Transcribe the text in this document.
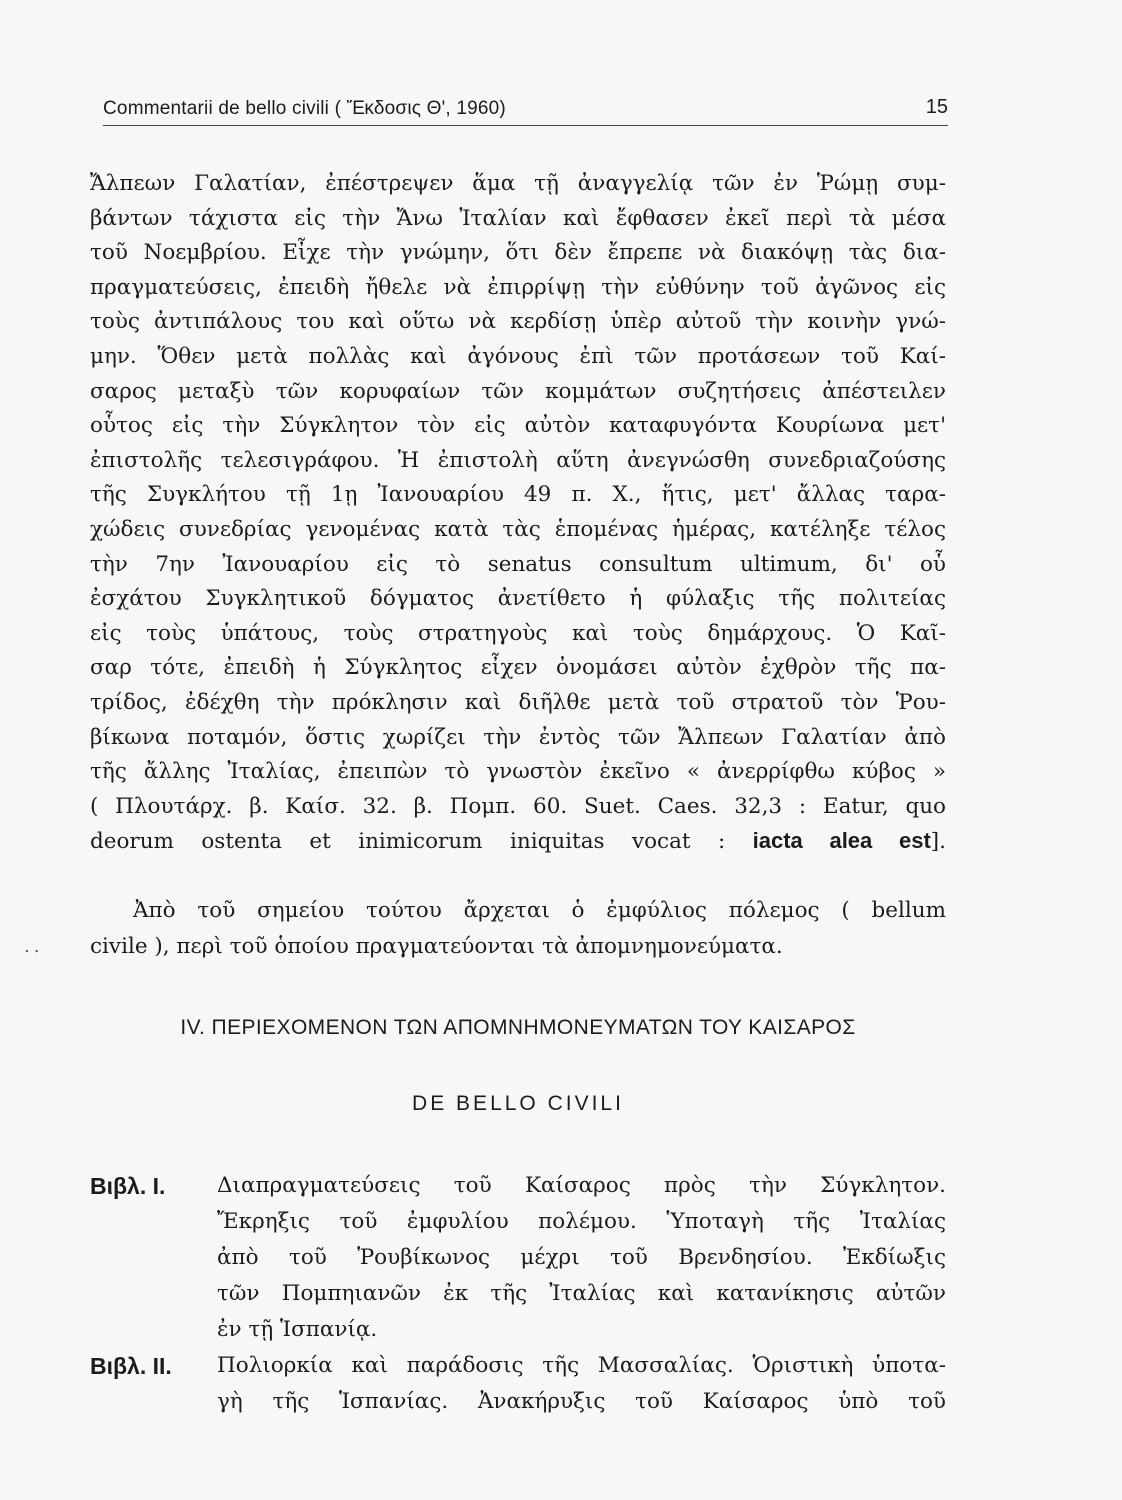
Commentarii de bello civili ( Ἔκδοσις Θ', 1960)	15
Ἄλπεων Γαλατίαν, ἐπέστρεψεν ἅμα τῇ ἀναγγελίᾳ τῶν ἐν Ῥώμῃ συμ-
βάντων τάχιστα εἰς τὴν Ἄνω Ἰταλίαν καὶ ἔφθασεν ἐκεῖ περὶ τὰ μέσα
τοῦ Νοεμβρίου. Εἶχε τὴν γνώμην, ὅτι δὲν ἔπρεπε νὰ διακόψῃ τὰς δια-
πραγματεύσεις, ἐπειδὴ ἤθελε νὰ ἐπιρρίψῃ τὴν εὐθύνην τοῦ ἀγῶνος εἰς
τοὺς ἀντιπάλους του καὶ οὕτω νὰ κερδίσῃ ὑπὲρ αὐτοῦ τὴν κοινὴν γνώ-
μην. Ὅθεν μετὰ πολλὰς καὶ ἀγόνους ἐπὶ τῶν προτάσεων τοῦ Καί-
σαρος μεταξὺ τῶν κορυφαίων τῶν κομμάτων συζητήσεις ἀπέστειλεν
οὗτος εἰς τὴν Σύγκλητον τὸν εἰς αὐτὸν καταφυγόντα Κουρίωνα μετ'
ἐπιστολῆς τελεσιγράφου. Ἡ ἐπιστολὴ αὕτη ἀνεγνώσθη συνεδριαζούσης
τῆς Συγκλήτου τῇ 1ῃ Ἰανουαρίου 49 π. Χ., ἥτις, μετ' ἄλλας ταρα-
χώδεις συνεδρίας γενομένας κατὰ τὰς ἑπομένας ἡμέρας, κατέληξε τέλος
τὴν 7ην Ἰανουαρίου εἰς τὸ senatus consultum ultimum, δι' οὗ
ἐσχάτου Συγκλητικοῦ δόγματος ἀνετίθετο ἡ φύλαξις τῆς πολιτείας
εἰς τοὺς ὑπάτους, τοὺς στρατηγοὺς καὶ τοὺς δημάρχους. Ὁ Καῖ-
σαρ τότε, ἐπειδὴ ἡ Σύγκλητος εἶχεν ὀνομάσει αὐτὸν ἐχθρὸν τῆς πα-
τρίδος, ἐδέχθη τὴν πρόκλησιν καὶ διῆλθε μετὰ τοῦ στρατοῦ τὸν Ῥου-
βίκωνα ποταμόν, ὅστις χωρίζει τὴν ἐντὸς τῶν Ἄλπεων Γαλατίαν ἀπὸ
τῆς ἄλλης Ἰταλίας, ἐπειπὼν τὸ γνωστὸν ἐκεῖνο « ἀνερρίφθω κύβος »
( Πλουτάρχ. β. Καίσ. 32. β. Πομπ. 60. Suet. Caes. 32,3 : Eatur, quo
deorum ostenta et inimicorum iniquitas vocat : iacta alea est].
Ἀπὸ τοῦ σημείου τούτου ἄρχεται ὁ ἐμφύλιος πόλεμος ( bellum
civile ), περὶ τοῦ ὁποίου πραγματεύονται τὰ ἀπομνημονεύματα.
..
IV. ΠΕΡΙΕΧΟΜΕΝΟΝ ΤΩΝ ΑΠΟΜΝΗΜΟΝΕΥΜΑΤΩΝ ΤΟΥ ΚΑΙΣΑΡΟΣ
DE BELLO CIVILI
Βιβλ. Ι. Διαπραγματεύσεις τοῦ Καίσαρος πρὸς τὴν Σύγκλητον.
Ἔκρηξις τοῦ ἐμφυλίου πολέμου. Ὑποταγὴ τῆς Ἰταλίας
ἀπὸ τοῦ Ῥουβίκωνος μέχρι τοῦ Βρενδησίου. Ἐκδίωξις
τῶν Πομπηιανῶν ἐκ τῆς Ἰταλίας καὶ κατανίκησις αὐτῶν
ἐν τῇ Ἱσπανίᾳ.
Βιβλ. ΙΙ. Πολιορκία καὶ παράδοσις τῆς Μασσαλίας. Ὁριστικὴ ὑποτα-
γὴ τῆς Ἱσπανίας. Ἀνακήρυξις τοῦ Καίσαρος ὑπὸ τοῦ
